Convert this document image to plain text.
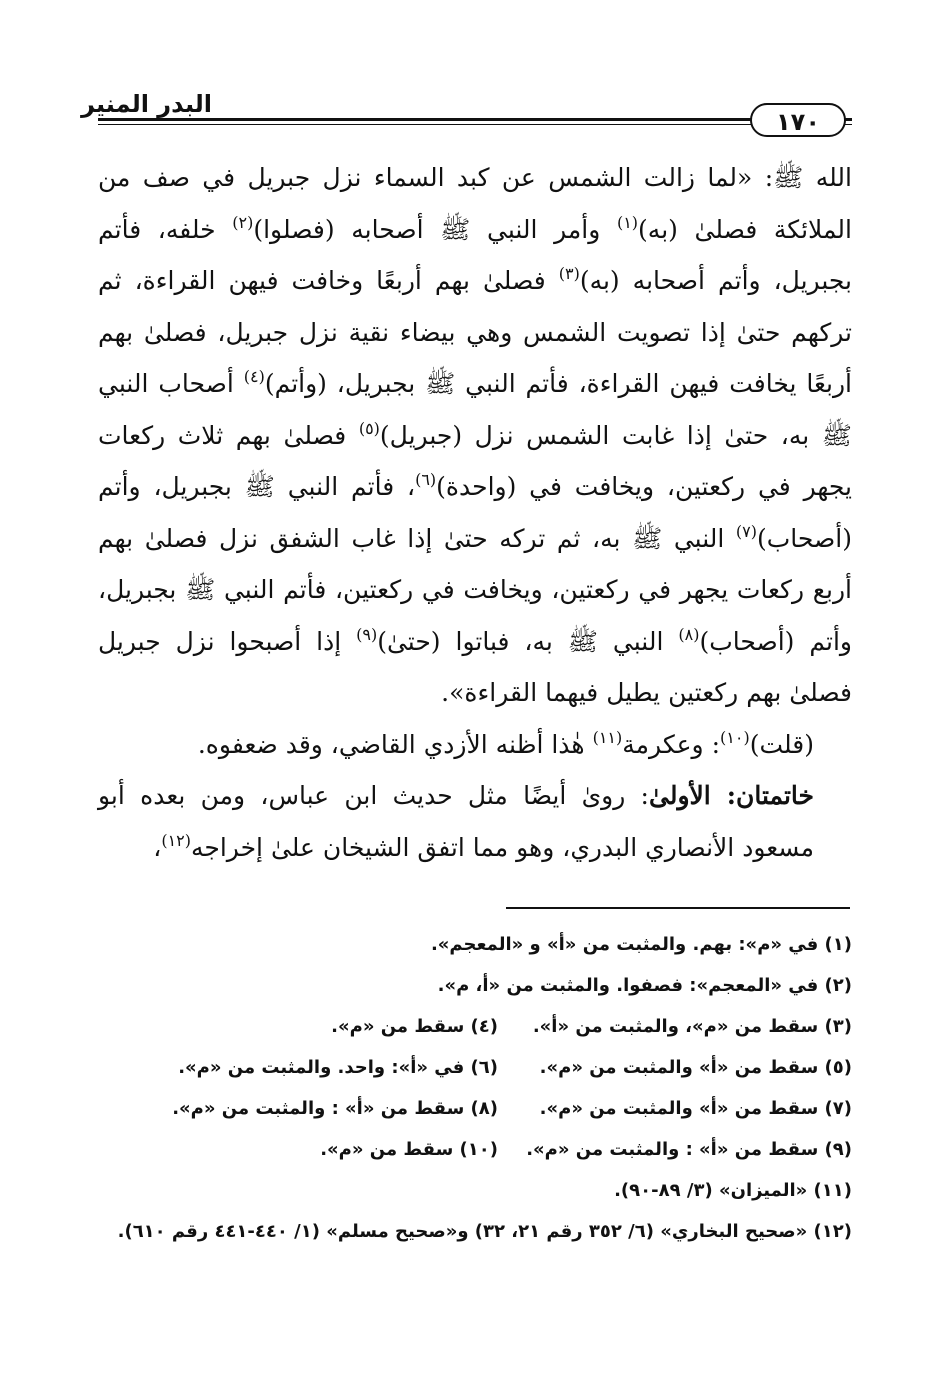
البدر المنير
١٧٠

الله ﷺ: «لما زالت الشمس عن كبد السماء نزل جبريل في صف من الملائكة فصلىٰ (به)$^{(١)}$ وأمر النبي ﷺ أصحابه (فصلوا)$^{(٢)}$ خلفه، فأتم بجبريل، وأتم أصحابه (به)$^{(٣)}$ فصلىٰ بهم أربعًا وخافت فيهن القراءة، ثم تركهم حتىٰ إذا تصويت الشمس وهي بيضاء نقية نزل جبريل، فصلىٰ بهم أربعًا يخافت فيهن القراءة، فأتم النبي ﷺ بجبريل، (وأتم)$^{(٤)}$ أصحاب النبي ﷺ به، حتىٰ إذا غابت الشمس نزل (جبريل)$^{(٥)}$ فصلىٰ بهم ثلاث ركعات يجهر في ركعتين، ويخافت في (واحدة)$^{(٦)}$، فأتم النبي ﷺ بجبريل، وأتم (أصحاب)$^{(٧)}$ النبي ﷺ به، ثم تركه حتىٰ إذا غاب الشفق نزل فصلىٰ بهم أربع ركعات يجهر في ركعتين، ويخافت في ركعتين، فأتم النبي ﷺ بجبريل، وأتم (أصحاب)$^{(٨)}$ النبي ﷺ به، فباتوا (حتىٰ)$^{(٩)}$ إذا أصبحوا نزل جبريل فصلىٰ بهم ركعتين يطيل فيهما القراءة».

(قلت)$^{(١٠)}$: وعكرمة$^{(١١)}$ هٰذا أظنه الأزدي القاضي، وقد ضعفوه.

خاتمتان: الأولىٰ: روىٰ أيضًا مثل حديث ابن عباس، ومن بعده أبو مسعود الأنصاري البدري، وهو مما اتفق الشيخان علىٰ إخراجه$^{(١٢)}$،

(١) في «م»: بهم. والمثبت من «أ» و «المعجم».
(٢) في «المعجم»: فصفوا. والمثبت من «أ، م».
(٣) سقط من «م»، والمثبت من «أ».
(٤) سقط من «م».
(٥) سقط من «أ» والمثبت من «م».
(٦) في «أ»: واحد. والمثبت من «م».
(٧) سقط من «أ» والمثبت من «م».
(٨) سقط من «أ» : والمثبت من «م».
(٩) سقط من «أ» : والمثبت من «م».
(١٠) سقط من «م».
(١١) «الميزان» (٣/ ٨٩-٩٠).
(١٢) «صحيح البخاري» (٦/ ٣٥٢ رقم ٢١، ٣٢) و«صحيح مسلم» (١/ ٤٤٠-٤٤١ رقم ٦١٠).
